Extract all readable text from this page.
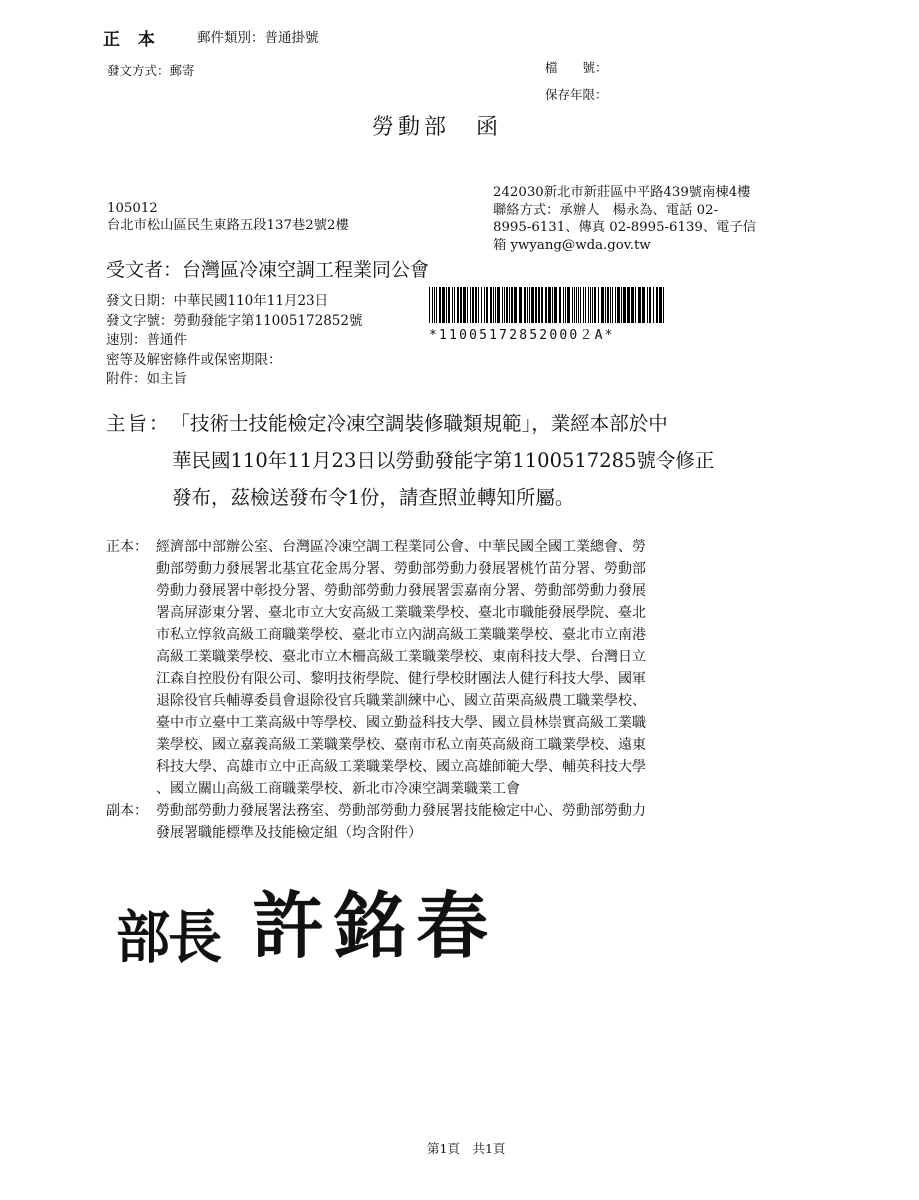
正 本	郵件類別：普通掛號
發文方式：郵寄	檔　　號：
保存年限：
勞動部　函
242030新北市新莊區中平路439號南棟4樓
聯絡方式：承辦人　楊永為、電話 02-
8995-6131、傳真 02-8995-6139、電子信
箱 ywyang@wda.gov.tw
105012
台北市松山區民生東路五段137巷2號2樓
受文者：台灣區冷凍空調工程業同公會
發文日期：中華民國110年11月23日
發文字號：勞動發能字第11005172852號
速別：普通件
密等及解密條件或保密期限：
附件：如主旨
*11005172852000２A*
主旨： 「技術士技能檢定冷凍空調裝修職類規範」，業經本部於中
華民國110年11月23日以勞動發能字第1100517285號令修正
發布，茲檢送發布令1份，請查照並轉知所屬。
正本： 經濟部中部辦公室、台灣區冷凍空調工程業同公會、中華民國全國工業總會、勞
動部勞動力發展署北基宜花金馬分署、勞動部勞動力發展署桃竹苗分署、勞動部
勞動力發展署中彰投分署、勞動部勞動力發展署雲嘉南分署、勞動部勞動力發展
署高屏澎東分署、臺北市立大安高級工業職業學校、臺北市職能發展學院、臺北
市私立惇敘高級工商職業學校、臺北市立內湖高級工業職業學校、臺北市立南港
高級工業職業學校、臺北市立木柵高級工業職業學校、東南科技大學、台灣日立
江森自控股份有限公司、黎明技術學院、健行學校財團法人健行科技大學、國軍
退除役官兵輔導委員會退除役官兵職業訓練中心、國立苗栗高級農工職業學校、
臺中市立臺中工業高級中等學校、國立勤益科技大學、國立員林崇實高級工業職
業學校、國立嘉義高級工業職業學校、臺南市私立南英高級商工職業學校、遠東
科技大學、高雄市立中正高級工業職業學校、國立高雄師範大學、輔英科技大學
、國立關山高級工商職業學校、新北市冷凍空調業職業工會
副本： 勞動部勞動力發展署法務室、勞動部勞動力發展署技能檢定中心、勞動部勞動力
發展署職能標準及技能檢定組（均含附件）
部長 許銘春
第1頁　共1頁
